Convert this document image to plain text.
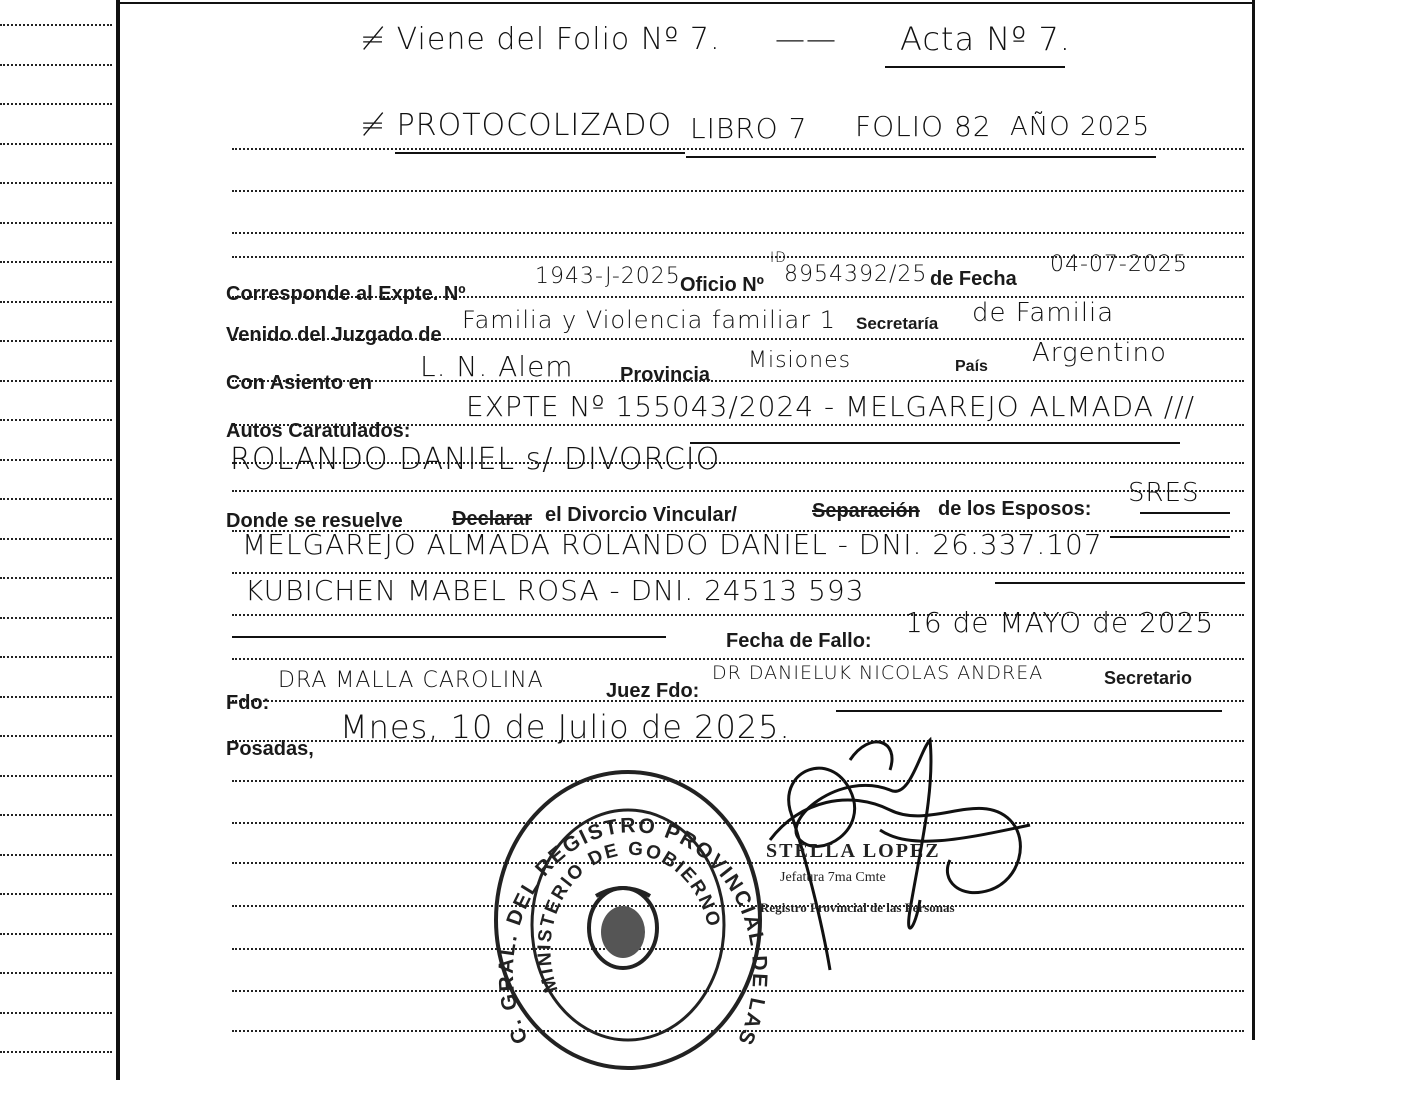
≠ Viene del Folio Nº 7. —— Acta Nº 7.
≠ PROTOCOLIZADO LIBRO 7 FOLIO 82 AÑO 2025
Corresponde al Expte. Nº
1943-J-2025 Oficio Nº
ID
8954392/25 de Fecha
04-07-2025
Venido del Juzgado de
Familia y Violencia familiar 1 Secretaría de Familia
Con Asiento en L. N. Alem Provincia
Misiones	País Argentino
Autos Caratulados:
EXPTE Nº 155043/2024 - MELGAREJO ALMADA ///
ROLANDO DANIEL s/ DIVORCIO
Donde se resuelve Declarar el Divorcio Vincular/	Separación de los Esposos:
SRES
MELGAREJO ALMADA ROLANDO DANIEL - DNI. 26.337.107
KUBICHEN MABEL ROSA - DNI. 24513 593
Fecha de Fallo:
16 de MAYO de 2025
Fdo:
DRA MALLA CAROLINA	Juez Fdo:
DR DANIELUK NICOLAS ANDREA	Secretario
Posadas,
Mnes, 10 de Julio de 2025.
C. GRAL. DEL REGISTRO PROVINCIAL LAS
MINISTERIO DE GOBIERNO
STELLA LOPEZ
Jefatura 7ma Cmte
Registro Provincial de las Personas
